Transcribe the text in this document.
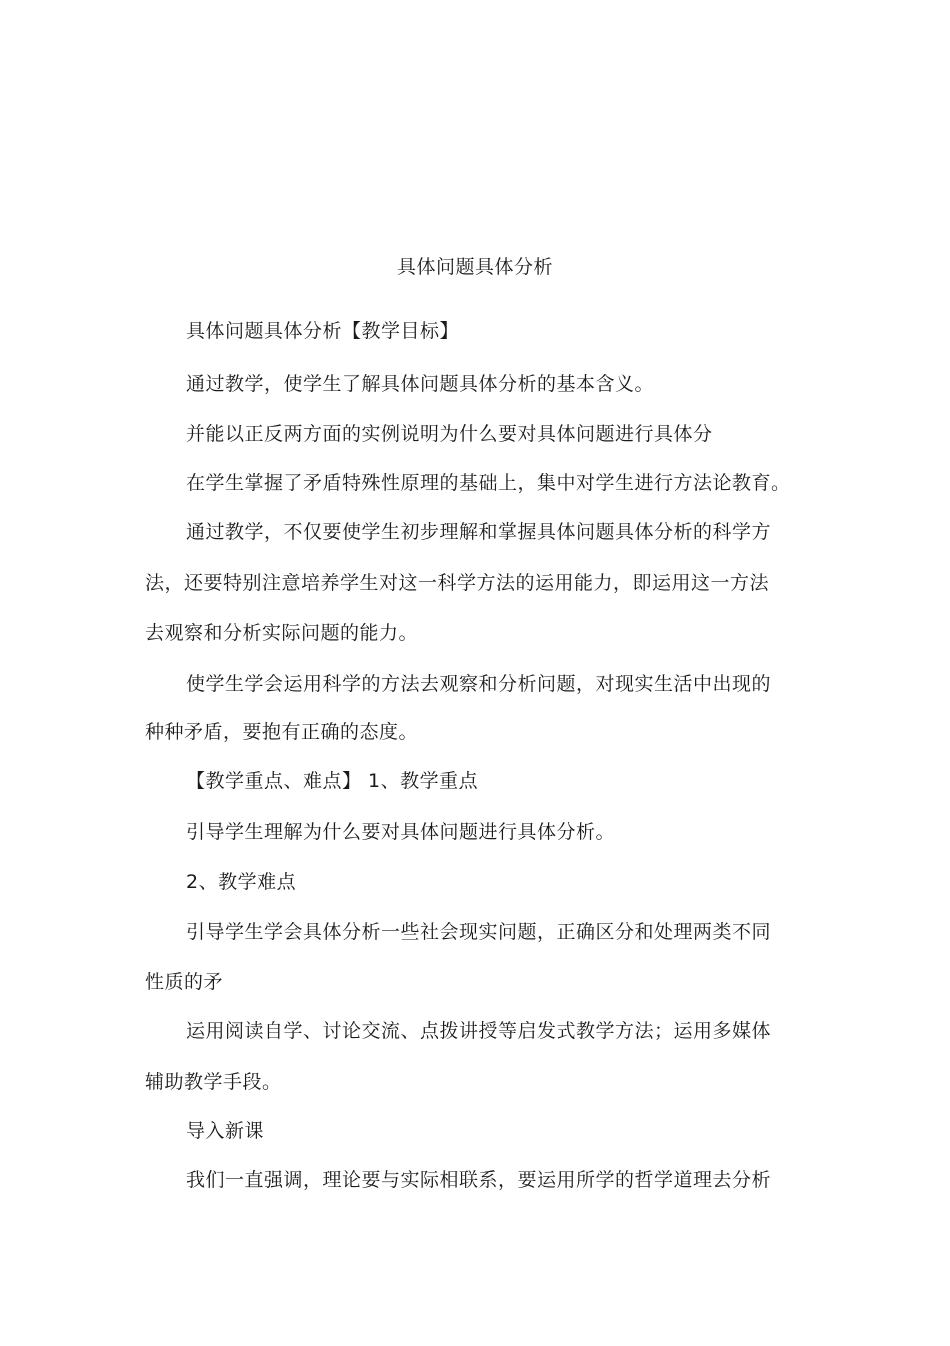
具体问题具体分析
具体问题具体分析【教学目标】
通过教学，使学生了解具体问题具体分析的基本含义。
并能以正反两方面的实例说明为什么要对具体问题进行具体分
在学生掌握了矛盾特殊性原理的基础上，集中对学生进行方法论教育。
通过教学，不仅要使学生初步理解和掌握具体问题具体分析的科学方
法，还要特别注意培养学生对这一科学方法的运用能力，即运用这一方法
去观察和分析实际问题的能力。
使学生学会运用科学的方法去观察和分析问题，对现实生活中出现的
种种矛盾，要抱有正确的态度。
【教学重点、难点】 1、教学重点
引导学生理解为什么要对具体问题进行具体分析。
2、教学难点
引导学生学会具体分析一些社会现实问题，正确区分和处理两类不同
性质的矛
运用阅读自学、讨论交流、点拨讲授等启发式教学方法；运用多媒体
辅助教学手段。
导入新课
我们一直强调，理论要与实际相联系，要运用所学的哲学道理去分析
